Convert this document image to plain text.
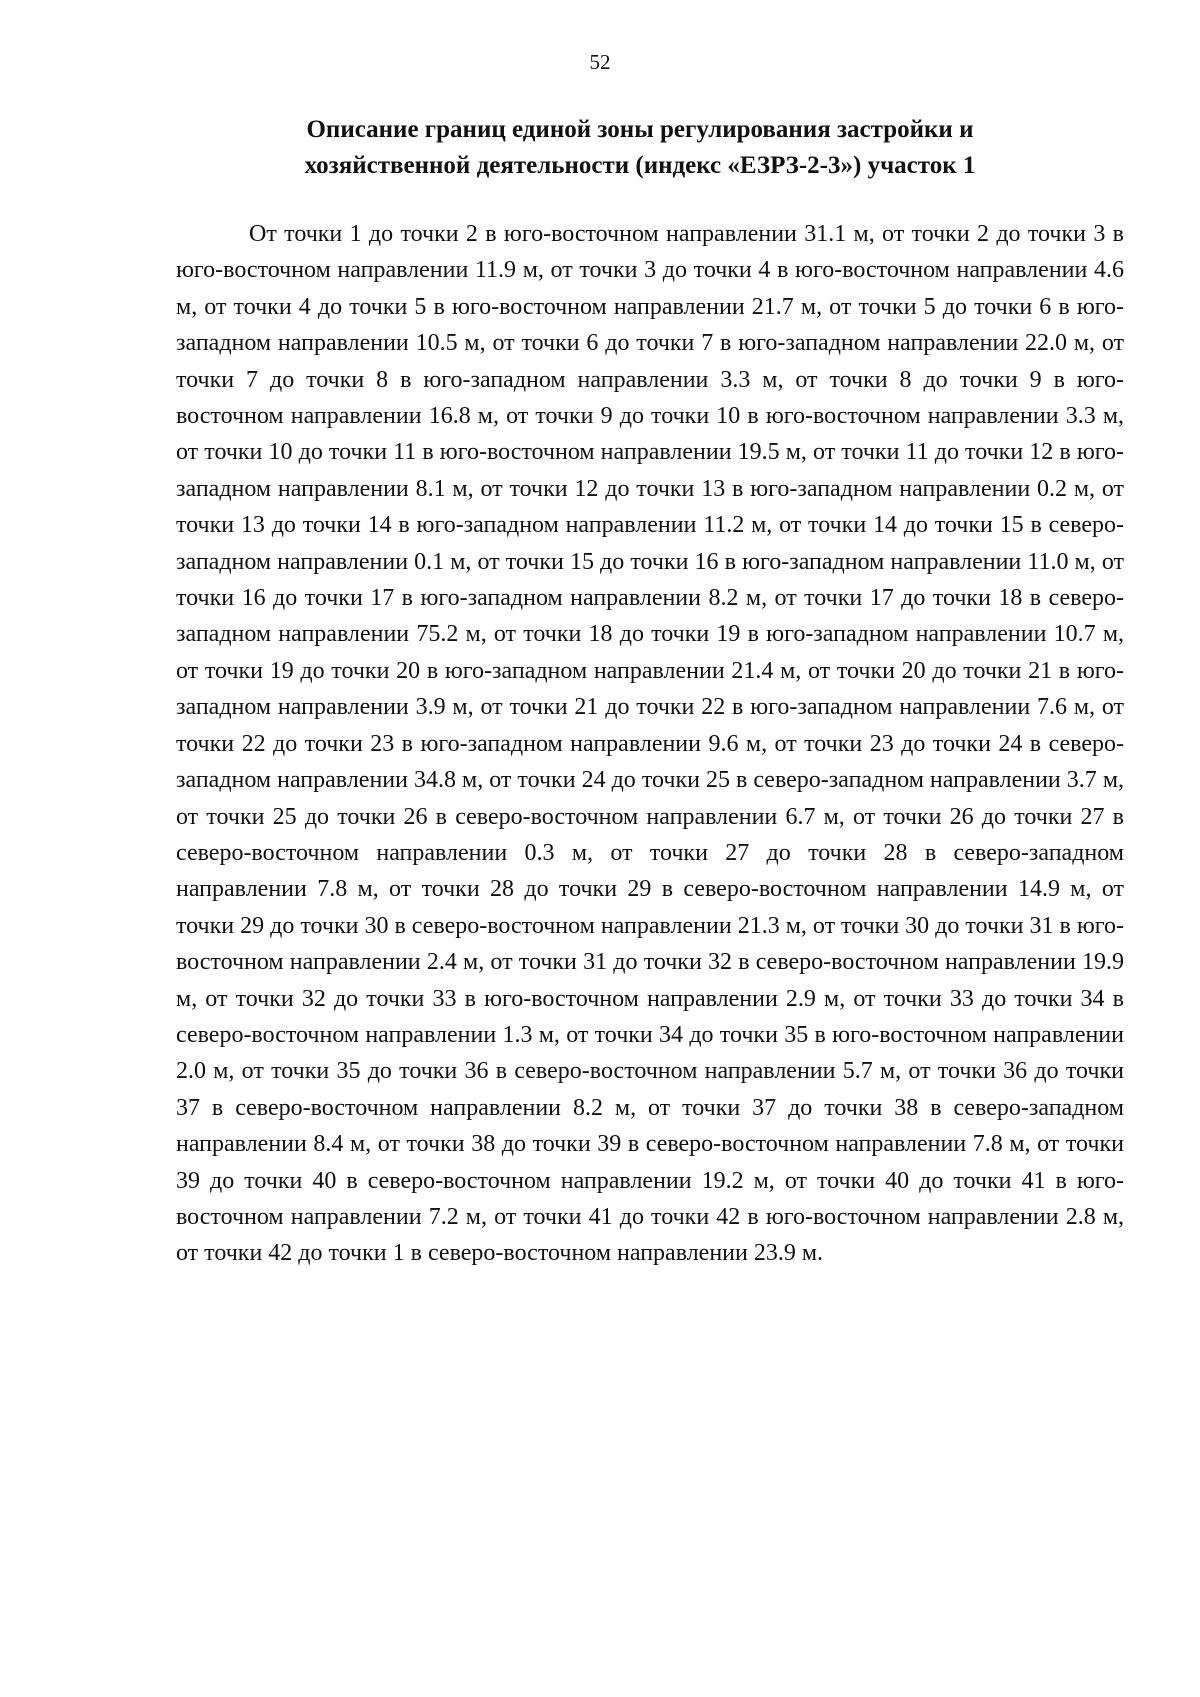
52
Описание границ единой зоны регулирования застройки и
хозяйственной деятельности (индекс «ЕЗРЗ-2-3») участок 1

От точки 1 до точки 2 в юго-восточном направлении 31.1 м, от точки 2 до точки 3 в юго-восточном направлении 11.9 м, от точки 3 до точки 4 в юго-восточном направлении 4.6 м, от точки 4 до точки 5 в юго-восточном направлении 21.7 м, от точки 5 до точки 6 в юго-западном направлении 10.5 м, от точки 6 до точки 7 в юго-западном направлении 22.0 м, от точки 7 до точки 8 в юго-западном направлении 3.3 м, от точки 8 до точки 9 в юго-восточном направлении 16.8 м, от точки 9 до точки 10 в юго-восточном направлении 3.3 м, от точки 10 до точки 11 в юго-восточном направлении 19.5 м, от точки 11 до точки 12 в юго-западном направлении 8.1 м, от точки 12 до точки 13 в юго-западном направлении 0.2 м, от точки 13 до точки 14 в юго-западном направлении 11.2 м, от точки 14 до точки 15 в северо-западном направлении 0.1 м, от точки 15 до точки 16 в юго-западном направлении 11.0 м, от точки 16 до точки 17 в юго-западном направлении 8.2 м, от точки 17 до точки 18 в северо-западном направлении 75.2 м, от точки 18 до точки 19 в юго-западном направлении 10.7 м, от точки 19 до точки 20 в юго-западном направлении 21.4 м, от точки 20 до точки 21 в юго-западном направлении 3.9 м, от точки 21 до точки 22 в юго-западном направлении 7.6 м, от точки 22 до точки 23 в юго-западном направлении 9.6 м, от точки 23 до точки 24 в северо-западном направлении 34.8 м, от точки 24 до точки 25 в северо-западном направлении 3.7 м, от точки 25 до точки 26 в северо-восточном направлении 6.7 м, от точки 26 до точки 27 в северо-восточном направлении 0.3 м, от точки 27 до точки 28 в северо-западном направлении 7.8 м, от точки 28 до точки 29 в северо-восточном направлении 14.9 м, от точки 29 до точки 30 в северо-восточном направлении 21.3 м, от точки 30 до точки 31 в юго-восточном направлении 2.4 м, от точки 31 до точки 32 в северо-восточном направлении 19.9 м, от точки 32 до точки 33 в юго-восточном направлении 2.9 м, от точки 33 до точки 34 в северо-восточном направлении 1.3 м, от точки 34 до точки 35 в юго-восточном направлении 2.0 м, от точки 35 до точки 36 в северо-восточном направлении 5.7 м, от точки 36 до точки 37 в северо-восточном направлении 8.2 м, от точки 37 до точки 38 в северо-западном направлении 8.4 м, от точки 38 до точки 39 в северо-восточном направлении 7.8 м, от точки 39 до точки 40 в северо-восточном направлении 19.2 м, от точки 40 до точки 41 в юго-восточном направлении 7.2 м, от точки 41 до точки 42 в юго-восточном направлении 2.8 м, от точки 42 до точки 1 в северо-восточном направлении 23.9 м.
